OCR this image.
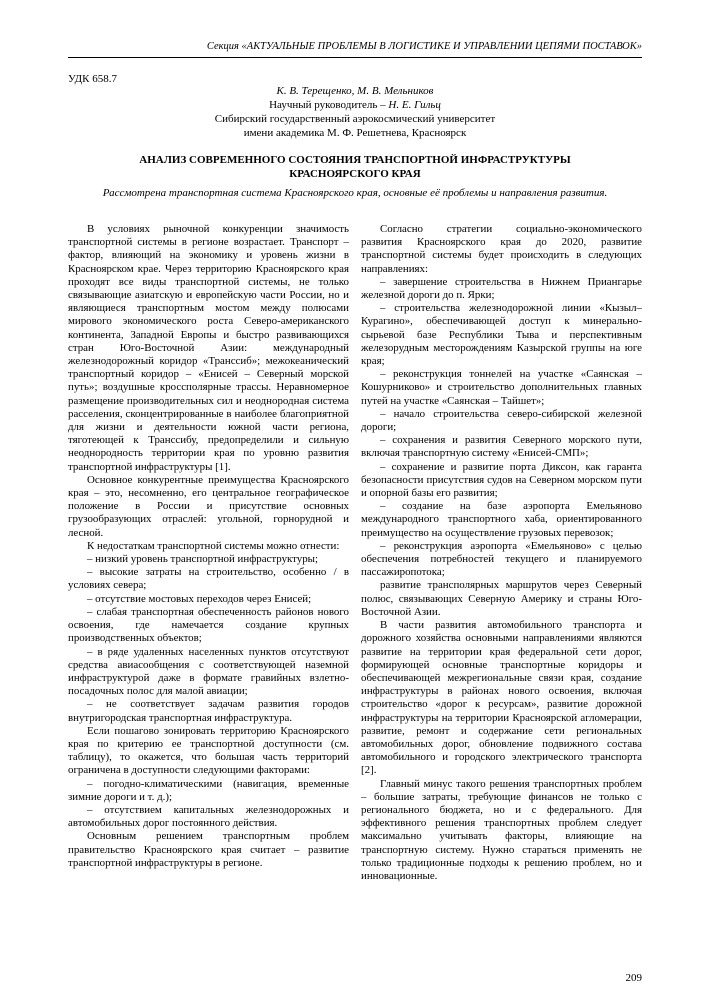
Секция «АКТУАЛЬНЫЕ ПРОБЛЕМЫ В ЛОГИСТИКЕ И УПРАВЛЕНИИ ЦЕПЯМИ ПОСТАВОК»
УДК 658.7
К. В. Терещенко, М. В. Мельников
Научный руководитель – Н. Е. Гильц
Сибирский государственный аэрокосмический университет
имени академика М. Ф. Решетнева, Красноярск
АНАЛИЗ СОВРЕМЕННОГО СОСТОЯНИЯ ТРАНСПОРТНОЙ ИНФРАСТРУКТУРЫ
КРАСНОЯРСКОГО КРАЯ
Рассмотрена транспортная система Красноярского края, основные её проблемы и направления развития.

В условиях рыночной конкуренции значимость транспортной системы в регионе возрастает. Транспорт – фактор, влияющий на экономику и уровень жизни в Красноярском крае. Через территорию Красноярского края проходят все виды транспортной системы, не только связывающие азиатскую и европейскую части России, но и являющиеся транспортным мостом между полюсами мирового экономического роста Северо-американского континента, Западной Европы и быстро развивающихся стран Юго-Восточной Азии: международный железнодорожный коридор «Транссиб»; межокеанический транспортный коридор – «Енисей – Северный морской путь»; воздушные кроссполярные трассы. Неравномерное размещение производительных сил и неоднородная система расселения, сконцентрированные в наиболее благоприятной для жизни и деятельности южной части региона, тяготеющей к Транссибу, предопределили и сильную неоднородность территории края по уровню развития транспортной инфраструктуры [1].

Основное конкурентные преимущества Красноярского края – это, несомненно, его центральное географическое положение в России и присутствие основных грузообразующих отраслей: угольной, горнорудной и лесной.

К недостаткам транспортной системы можно отнести:

– низкий уровень транспортной инфраструктуры;

– высокие затраты на строительство, особенно / в условиях севера;

– отсутствие мостовых переходов через Енисей;

– слабая транспортная обеспеченность районов нового освоения, где намечается создание крупных производственных объектов;

– в ряде удаленных населенных пунктов отсутствуют средства авиасообщения с соответствующей наземной инфраструктурой даже в формате гравийных взлетно-посадочных полос для малой авиации;

– не соответствует задачам развития городов внутригородская транспортная инфраструктура.

Если пошагово зонировать территорию Красноярского края по критерию ее транспортной доступности (см. таблицу), то окажется, что большая часть территорий ограничена в доступности следующими факторами:

– погодно-климатическими (навигация, временные зимние дороги и т. д.);

– отсутствием капитальных железнодорожных и автомобильных дорог постоянного действия.

Основным решением транспортным проблем правительство Красноярского края считает – развитие транспортной инфраструктуры в регионе.

Согласно стратегии социально-экономического развития Красноярского края до 2020, развитие транспортной системы будет происходить в следующих направлениях:

– завершение строительства в Нижнем Приангарье железной дороги до п. Ярки;

– строительства железнодорожной линии «Кызыл–Курагино», обеспечивающей доступ к минерально-сырьевой базе Республики Тыва и перспективным железорудным месторождениям Казырской группы на юге края;

– реконструкция тоннелей на участке «Саянская – Кошурниково» и строительство дополнительных главных путей на участке «Саянская – Тайшет»;

– начало строительства северо-сибирской железной дороги;

– сохранения и развития Северного морского пути, включая транспортную систему «Енисей-СМП»;

– сохранение и развитие порта Диксон, как гаранта безопасности присутствия судов на Северном морском пути и опорной базы его развития;

– создание на базе аэропорта Емельяново международного транспортного хаба, ориентированного преимущество на осуществление грузовых перевозок;

– реконструкция аэропорта «Емельяново» с целью обеспечения потребностей текущего и планируемого пассажиропотока;

развитие трансполярных маршрутов через Северный полюс, связывающих Северную Америку и страны Юго-Восточной Азии.

В части развития автомобильного транспорта и дорожного хозяйства основными направлениями являются развитие на территории края федеральной сети дорог, формирующей основные транспортные коридоры и обеспечивающей межрегиональные связи края, создание инфраструктуры в районах нового освоения, включая строительство «дорог к ресурсам», развитие дорожной инфраструктуры на территории Красноярской агломерации, развитие, ремонт и содержание сети региональных автомобильных дорог, обновление подвижного состава автомобильного и городского электрического транспорта [2].

Главный минус такого решения транспортных проблем – большие затраты, требующие финансов не только с регионального бюджета, но и с федерального. Для эффективного решения транспортных проблем следует максимально учитывать факторы, влияющие на транспортную систему. Нужно стараться применять не только традиционные подходы к решению проблем, но и инновационные.

209
